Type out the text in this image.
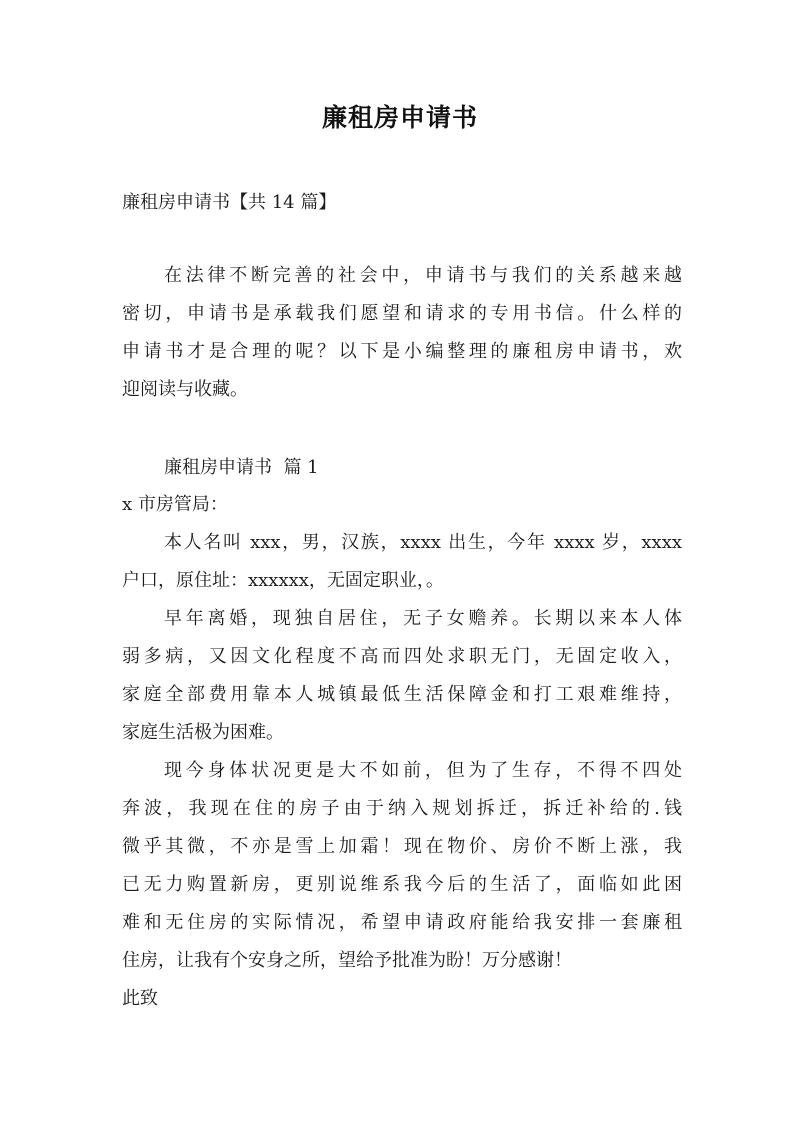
廉租房申请书
廉租房申请书【共 14 篇】
在法律不断完善的社会中，申请书与我们的关系越来越
密切，申请书是承载我们愿望和请求的专用书信。什么样的
申请书才是合理的呢？以下是小编整理的廉租房申请书，欢
迎阅读与收藏。
廉租房申请书  篇 1
x 市房管局：
本人名叫 xxx，男，汉族，xxxx 出生，今年 xxxx 岁，xxxx
户口，原住址：xxxxxx，无固定职业，。
早年离婚，现独自居住，无子女赡养。长期以来本人体
弱多病，又因文化程度不高而四处求职无门，无固定收入，
家庭全部费用靠本人城镇最低生活保障金和打工艰难维持，
家庭生活极为困难。
现今身体状况更是大不如前，但为了生存，不得不四处
奔波，我现在住的房子由于纳入规划拆迁，拆迁补给的.钱
微乎其微，不亦是雪上加霜！现在物价、房价不断上涨，我
已无力购置新房，更别说维系我今后的生活了，面临如此困
难和无住房的实际情况，希望申请政府能给我安排一套廉租
住房，让我有个安身之所，望给予批准为盼！万分感谢！
此致
